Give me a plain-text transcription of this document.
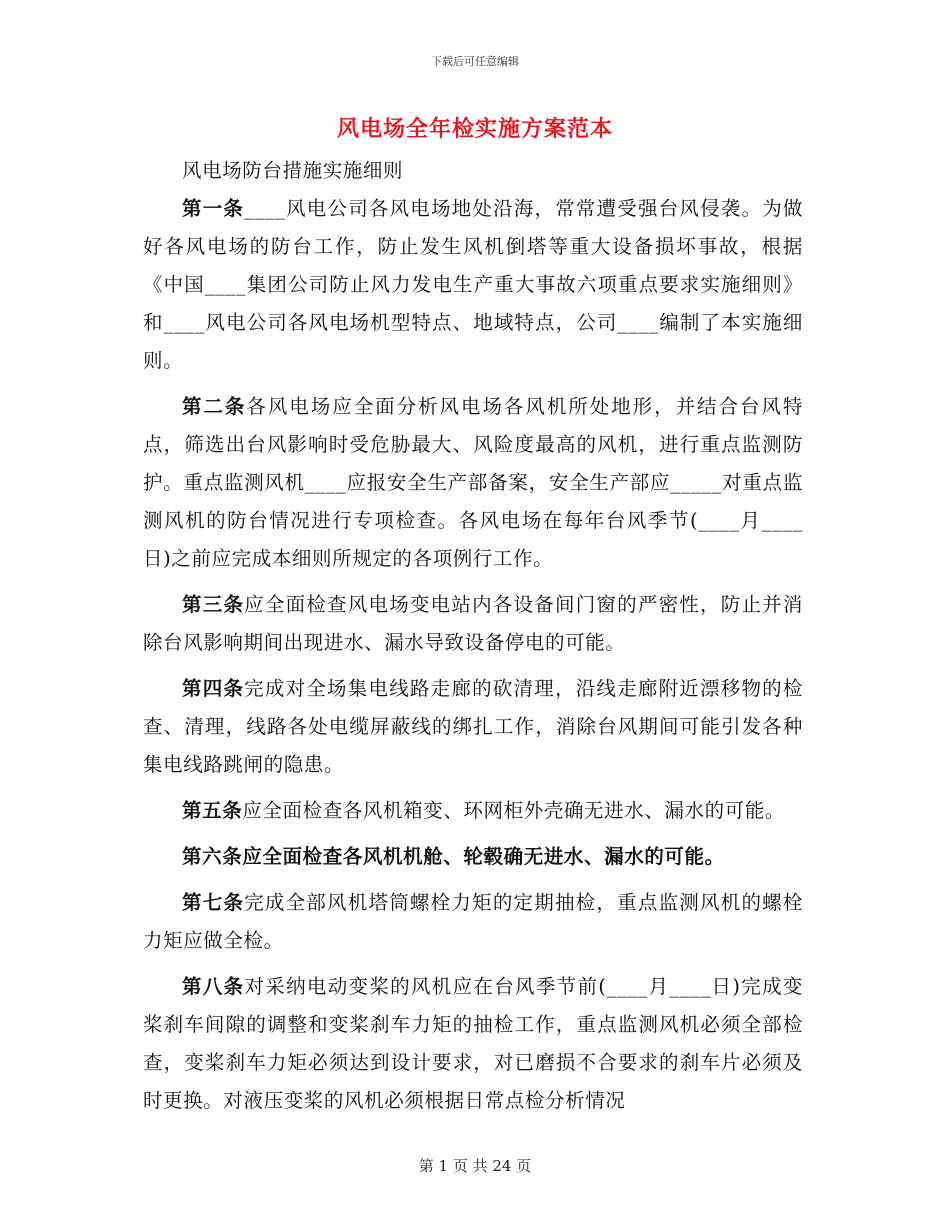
下载后可任意编辑
风电场全年检实施方案范本

风电场防台措施实施细则

第一条____风电公司各风电场地处沿海，常常遭受强台风侵袭。为做好各风电场的防台工作，防止发生风机倒塔等重大设备损坏事故，根据《中国____集团公司防止风力发电生产重大事故六项重点要求实施细则》和____风电公司各风电场机型特点、地域特点，公司____编制了本实施细则。

第二条各风电场应全面分析风电场各风机所处地形，并结合台风特点，筛选出台风影响时受危胁最大、风险度最高的风机，进行重点监测防护。重点监测风机____应报安全生产部备案，安全生产部应_____对重点监测风机的防台情况进行专项检查。各风电场在每年台风季节(____月____日)之前应完成本细则所规定的各项例行工作。

第三条应全面检查风电场变电站内各设备间门窗的严密性，防止并消除台风影响期间出现进水、漏水导致设备停电的可能。

第四条完成对全场集电线路走廊的砍清理，沿线走廊附近漂移物的检查、清理，线路各处电缆屏蔽线的绑扎工作，消除台风期间可能引发各种集电线路跳闸的隐患。

第五条应全面检查各风机箱变、环网柜外壳确无进水、漏水的可能。

第六条应全面检查各风机机舱、轮毂确无进水、漏水的可能。

第七条完成全部风机塔筒螺栓力矩的定期抽检，重点监测风机的螺栓力矩应做全检。

第八条对采纳电动变桨的风机应在台风季节前(____月____日)完成变桨刹车间隙的调整和变桨刹车力矩的抽检工作，重点监测风机必须全部检查，变桨刹车力矩必须达到设计要求，对已磨损不合要求的刹车片必须及时更换。对液压变桨的风机必须根据日常点检分析情况

第 1 页 共 24 页
